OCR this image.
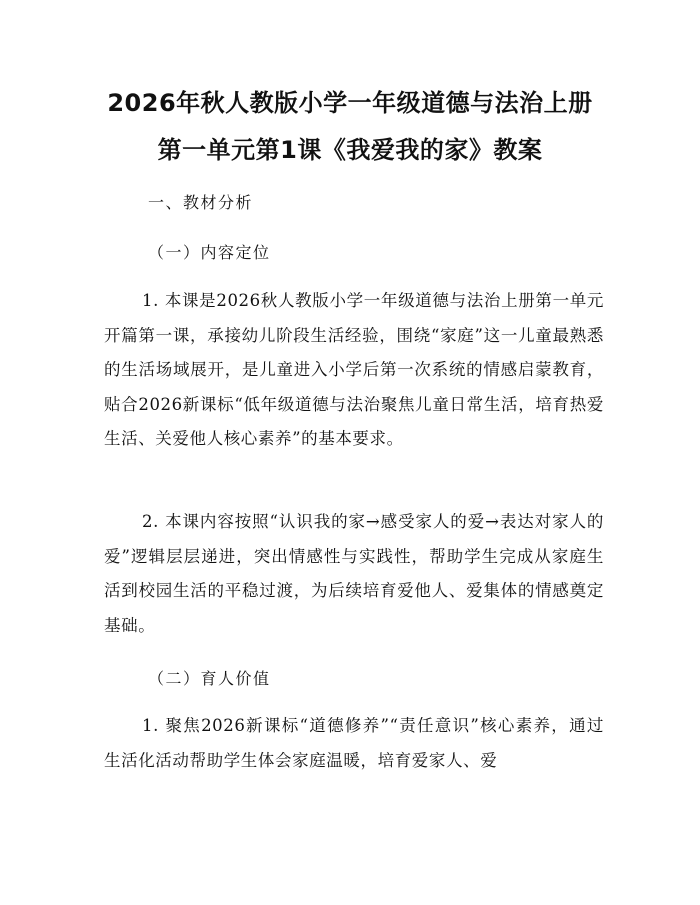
2026年秋人教版小学一年级道德与法治上册
第一单元第1课《我爱我的家》教案
一、教材分析
（一）内容定位
1. 本课是2026秋人教版小学一年级道德与法治上册第一单元开篇第一课，承接幼儿阶段生活经验，围绕“家庭”这一儿童最熟悉的生活场域展开，是儿童进入小学后第一次系统的情感启蒙教育，贴合2026新课标“低年级道德与法治聚焦儿童日常生活，培育热爱生活、关爱他人核心素养”的基本要求。
2. 本课内容按照“认识我的家→感受家人的爱→表达对家人的爱”逻辑层层递进，突出情感性与实践性，帮助学生完成从家庭生活到校园生活的平稳过渡，为后续培育爱他人、爱集体的情感奠定基础。
（二）育人价值
1. 聚焦2026新课标“道德修养”“责任意识”核心素养，通过生活化活动帮助学生体会家庭温暖，培育爱家人、爱
